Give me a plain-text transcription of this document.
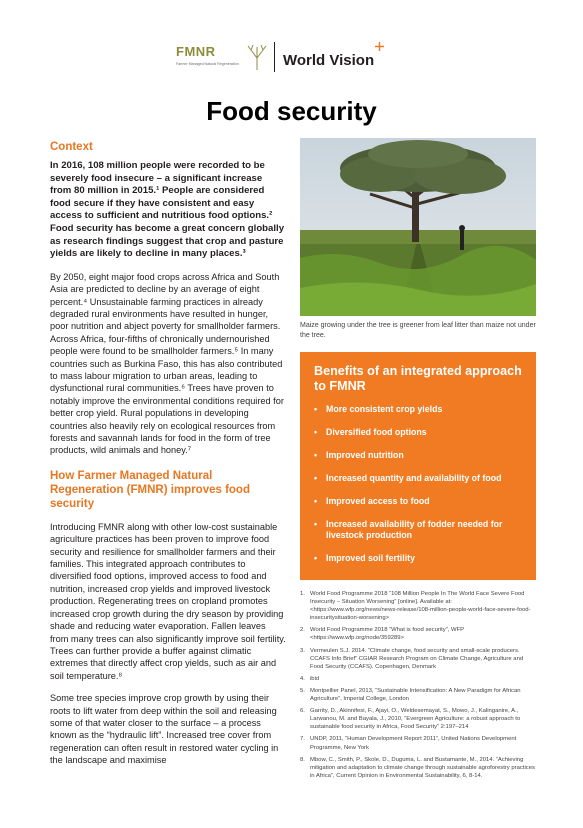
FMNR
Farmer Managed Natural Regeneration	World Vision
Food security
Context

In 2016, 108 million people were recorded to be severely food insecure – a significant increase from 80 million in 2015.¹ People are considered food secure if they have consistent and easy access to sufficient and nutritious food options.² Food security has become a great concern globally as research findings suggest that crop and pasture yields are likely to decline in many places.³

By 2050, eight major food crops across Africa and South Asia are predicted to decline by an average of eight percent.⁴ Unsustainable farming practices in already degraded rural environments have resulted in hunger, poor nutrition and abject poverty for smallholder farmers. Across Africa, four-fifths of chronically undernourished people were found to be smallholder farmers.⁵ In many countries such as Burkina Faso, this has also contributed to mass labour migration to urban areas, leading to dysfunctional rural communities.⁶ Trees have proven to notably improve the environmental conditions required for better crop yield. Rural populations in developing countries also heavily rely on ecological resources from forests and savannah lands for food in the form of tree products, wild animals and honey.⁷

How Farmer Managed Natural Regeneration (FMNR) improves food security

Introducing FMNR along with other low-cost sustainable agriculture practices has been proven to improve food security and resilience for smallholder farmers and their families. This integrated approach contributes to diversified food options, improved access to food and nutrition, increased crop yields and improved livestock production. Regenerating trees on cropland promotes increased crop growth during the dry season by providing shade and reducing water evaporation. Fallen leaves from many trees can also significantly improve soil fertility. Trees can further provide a buffer against climatic extremes that directly affect crop yields, such as air and soil temperature.⁸

Some tree species improve crop growth by using their roots to lift water from deep within the soil and releasing some of that water closer to the surface – a process known as the “hydraulic lift”. Increased tree cover from regeneration can often result in restored water cycling in the landscape and maximise

Maize growing under the tree is greener from leaf litter than maize not under the tree.
Benefits of an integrated approach to FMNR
• More consistent crop yields
• Diversified food options
• Improved nutrition
• Increased quantity and availability of food
• Improved access to food
• Increased availability of fodder needed for livestock production
• Improved soil fertility
1. World Food Programme 2018 “108 Million People In The World Face Severe Food Insecurity – Situation Worsening” [online]. Available at: <https://www.wfp.org/news/news-release/108-million-people-world-face-severe-food-insecuritysituation-worsening>
2. World Food Programme 2018 “What is food security”, WFP <https://www.wfp.org/node/359289>
3. Vermeulen S.J. 2014. “Climate change, food security and small-scale producers. CCAFS Info Brief” CGIAR Research Program on Climate Change, Agriculture and Food Security (CCAFS). Copenhagen, Denmark
4. ibid
5. Montpellier Panel, 2013, “Sustainable Intensification: A New Paradigm for African Agriculture”, Imperial College, London
6. Garrity, D., Akinnifesi, F., Ajayi, O., Weldesemayat, S., Mowo, J., Kalinganire, A., Larwanou, M. and Bayala, J., 2010, “Evergreen Agriculture: a robust approach to sustainable food security in Africa, Food Security” 2:197–214
7. UNDP, 2011, “Human Development Report 2011”, United Nations Development Programme, New York
8. Mbow, C., Smith, P., Skole, D., Duguma, L. and Bustamante, M., 2014. “Achieving mitigation and adaptation to climate change through sustainable agroforestry practices in Africa”, Current Opinion in Environmental Sustainability, 6, 8-14.
